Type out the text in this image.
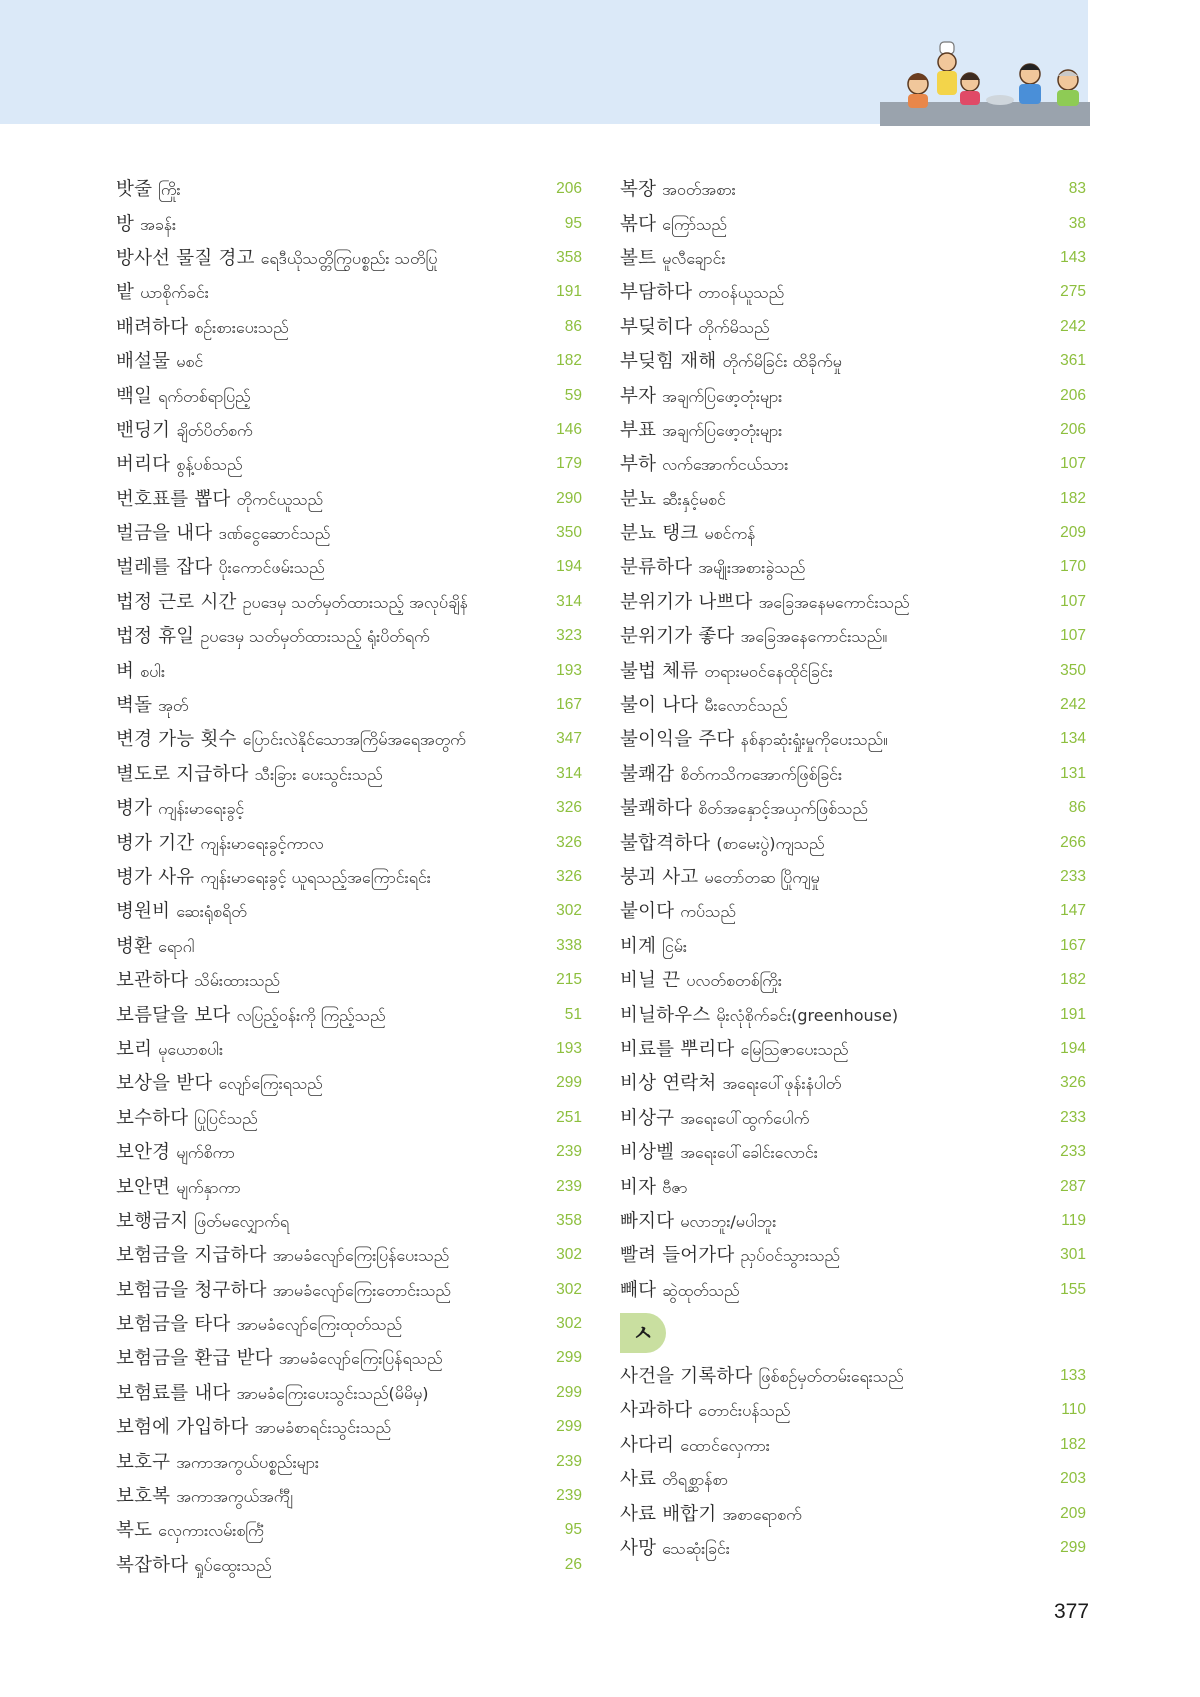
밧줄 ကြိုး	206
방 အခန်း	95
방사선 물질 경고 ရေဒီယိုသတ္တိကြွပစ္စည်း သတိပြု	358
밭 ယာစိုက်ခင်း	191
배려하다 စဉ်းစားပေးသည်	86
배설물 မစင်	182
백일 ရက်တစ်ရာပြည့်	59
밴딩기 ချိတ်ပိတ်စက်	146
버리다 စွန့်ပစ်သည်	179
번호표를 뽑다 တိုကင်ယူသည်	290
벌금을 내다 ဒဏ်ငွေဆောင်သည်	350
벌레를 잡다 ပိုးကောင်ဖမ်းသည်	194
법정 근로 시간 ဥပဒေမှ သတ်မှတ်ထားသည့် အလုပ်ချိန်	314
법정 휴일 ဥပဒေမှ သတ်မှတ်ထားသည့် ရုံးပိတ်ရက်	323
벼 စပါး	193
벽돌 အုတ်	167
변경 가능 횟수 ပြောင်းလဲနိုင်သောအကြိမ်အရေအတွက်	347
별도로 지급하다 သီးခြား ပေးသွင်းသည်	314
병가 ကျန်းမာရေးခွင့်	326
병가 기간 ကျန်းမာရေးခွင့်ကာလ	326
병가 사유 ကျန်းမာရေးခွင့် ယူရသည့်အကြောင်းရင်း	326
병원비 ဆေးရုံစရိတ်	302
병환 ရောဂါ	338
보관하다 သိမ်းထားသည်	215
보름달을 보다 လပြည့်ဝန်းကို ကြည့်သည်	51
보리 မုယောစပါး	193
보상을 받다 လျော်ကြေးရသည်	299
보수하다 ပြုပြင်သည်	251
보안경 မျက်စိကာ	239
보안면 မျက်နှာကာ	239
보행금지 ဖြတ်မလျှောက်ရ	358
보험금을 지급하다 အာမခံလျော်ကြေးပြန်ပေးသည်	302
보험금을 청구하다 အာမခံလျော်ကြေးတောင်းသည်	302
보험금을 타다 အာမခံလျော်ကြေးထုတ်သည်	302
보험금을 환급 받다 အာမခံလျော်ကြေးပြန်ရသည်	299
보험료를 내다 အာမခံကြေးပေးသွင်းသည်(မိမိမှ)	299
보험에 가입하다 အာမခံစာရင်းသွင်းသည်	299
보호구 အကာအကွယ်ပစ္စည်းများ	239
보호복 အကာအကွယ်အင်္ကျီ	239
복도 လှေကားလမ်းစင်္ကြံ	95
복잡하다 ရှုပ်ထွေးသည်	26
복장 အဝတ်အစား	83
볶다 ကြော်သည်	38
볼트 မူလီချောင်း	143
부담하다 တာဝန်ယူသည်	275
부딪히다 တိုက်မိသည်	242
부딪힘 재해 တိုက်မိခြင်း ထိခိုက်မှု	361
부자 အချက်ပြဖော့တုံးများ	206
부표 အချက်ပြဖော့တုံးများ	206
부하 လက်အောက်ငယ်သား	107
분뇨 ဆီးနှင့်မစင်	182
분뇨 탱크 မစင်ကန်	209
분류하다 အမျိုးအစားခွဲသည်	170
분위기가 나쁘다 အခြေအနေမကောင်းသည်	107
분위기가 좋다 အခြေအနေကောင်းသည်။	107
불법 체류 တရားမဝင်နေထိုင်ခြင်း	350
불이 나다 မီးလောင်သည်	242
불이익을 주다 နစ်နာဆုံးရှုံးမှုကိုပေးသည်။	134
불쾌감 စိတ်ကသိကအောက်ဖြစ်ခြင်း	131
불쾌하다 စိတ်အနှောင့်အယှက်ဖြစ်သည်	86
불합격하다 (စာမေးပွဲ)ကျသည်	266
붕괴 사고 မတော်တဆ ပြိုကျမှု	233
붙이다 ကပ်သည်	147
비계 ငြမ်း	167
비닐 끈 ပလတ်စတစ်ကြိုး	182
비닐하우스 မိုးလုံစိုက်ခင်း(greenhouse)	191
비료를 뿌리다 မြေဩဇာပေးသည်	194
비상 연락처 အရေးပေါ်ဖုန်းနံပါတ်	326
비상구 အရေးပေါ်ထွက်ပေါက်	233
비상벨 အရေးပေါ်ခေါင်းလောင်း	233
비자 ဗီဇာ	287
빠지다 မလာဘူး/မပါဘူး	119
빨려 들어가다 ညှပ်ဝင်သွားသည်	301
빼다 ဆွဲထုတ်သည်	155
ㅅ
사건을 기록하다 ဖြစ်စဉ်မှတ်တမ်းရေးသည်	133
사과하다 တောင်းပန်သည်	110
사다리 ထောင်လှေကား	182
사료 တိရစ္ဆာန်စာ	203
사료 배합기 အစာရောစက်	209
사망 သေဆုံးခြင်း	299
377
